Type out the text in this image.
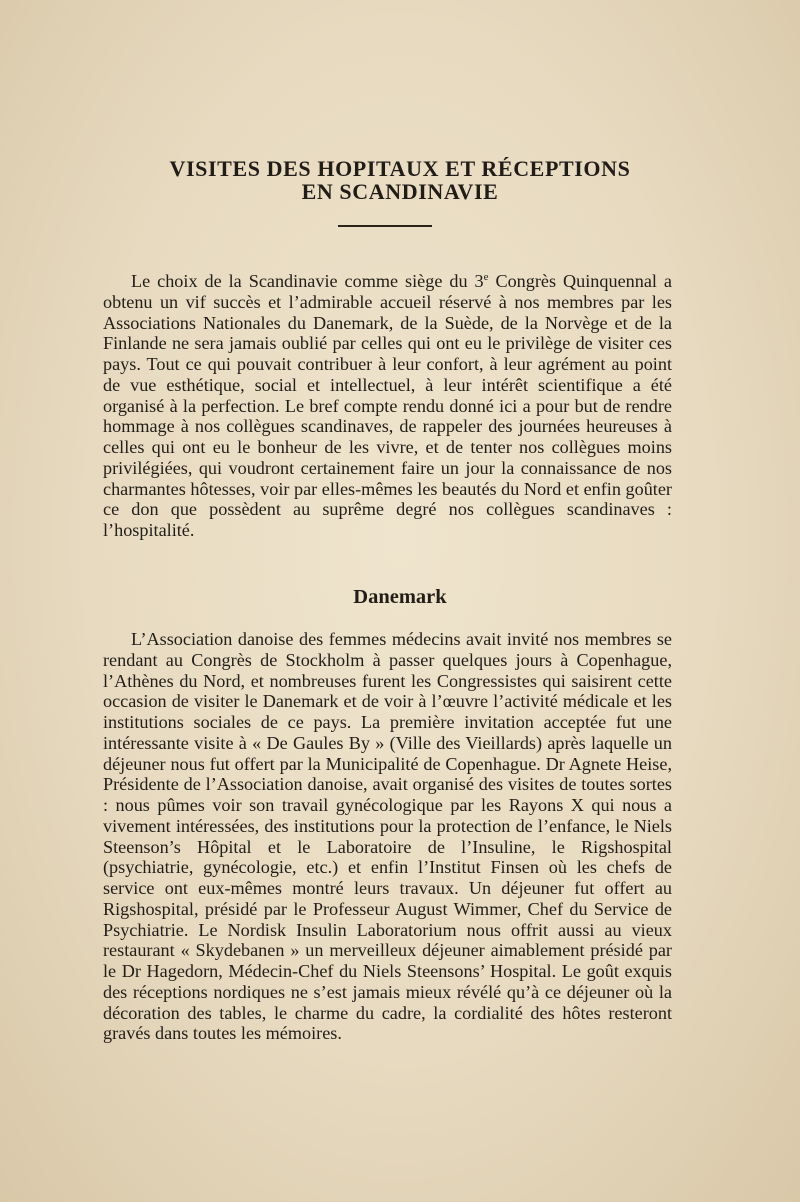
VISITES DES HOPITAUX ET RÉCEPTIONS
EN SCANDINAVIE

Le choix de la Scandinavie comme siège du 3e Congrès Quinquennal a obtenu un vif succès et l’admirable accueil réservé à nos membres par les Associations Nationales du Danemark, de la Suède, de la Norvège et de la Finlande ne sera jamais oublié par celles qui ont eu le privilège de visiter ces pays. Tout ce qui pouvait contribuer à leur confort, à leur agrément au point de vue esthétique, social et intellectuel, à leur intérêt scientifique a été organisé à la perfection. Le bref compte rendu donné ici a pour but de rendre hommage à nos collègues scandinaves, de rappeler des journées heureuses à celles qui ont eu le bonheur de les vivre, et de tenter nos collègues moins privilégiées, qui voudront certainement faire un jour la connaissance de nos charmantes hôtesses, voir par elles-mêmes les beautés du Nord et enfin goûter ce don que possèdent au suprême degré nos collègues scandinaves : l’hospitalité.

Danemark

L’Association danoise des femmes médecins avait invité nos membres se rendant au Congrès de Stockholm à passer quelques jours à Copenhague, l’Athènes du Nord, et nombreuses furent les Congressistes qui saisirent cette occasion de visiter le Danemark et de voir à l’œuvre l’activité médicale et les institutions sociales de ce pays. La première invitation acceptée fut une intéressante visite à « De Gaules By » (Ville des Vieillards) après laquelle un déjeuner nous fut offert par la Municipalité de Copenhague. Dr Agnete Heise, Présidente de l’Association danoise, avait organisé des visites de toutes sortes : nous pûmes voir son travail gynécologique par les Rayons X qui nous a vivement intéressées, des institutions pour la protection de l’enfance, le Niels Steenson’s Hôpital et le Laboratoire de l’Insuline, le Rigshospital (psychiatrie, gynécologie, etc.) et enfin l’Institut Finsen où les chefs de service ont eux-mêmes montré leurs travaux. Un déjeuner fut offert au Rigshospital, présidé par le Professeur August Wimmer, Chef du Service de Psychiatrie. Le Nordisk Insulin Laboratorium nous offrit aussi au vieux restaurant « Skydebanen » un merveilleux déjeuner aimablement présidé par le Dr Hagedorn, Médecin-Chef du Niels Steensons’ Hospital. Le goût exquis des réceptions nordiques ne s’est jamais mieux révélé qu’à ce déjeuner où la décoration des tables, le charme du cadre, la cordialité des hôtes resteront gravés dans toutes les mémoires.
